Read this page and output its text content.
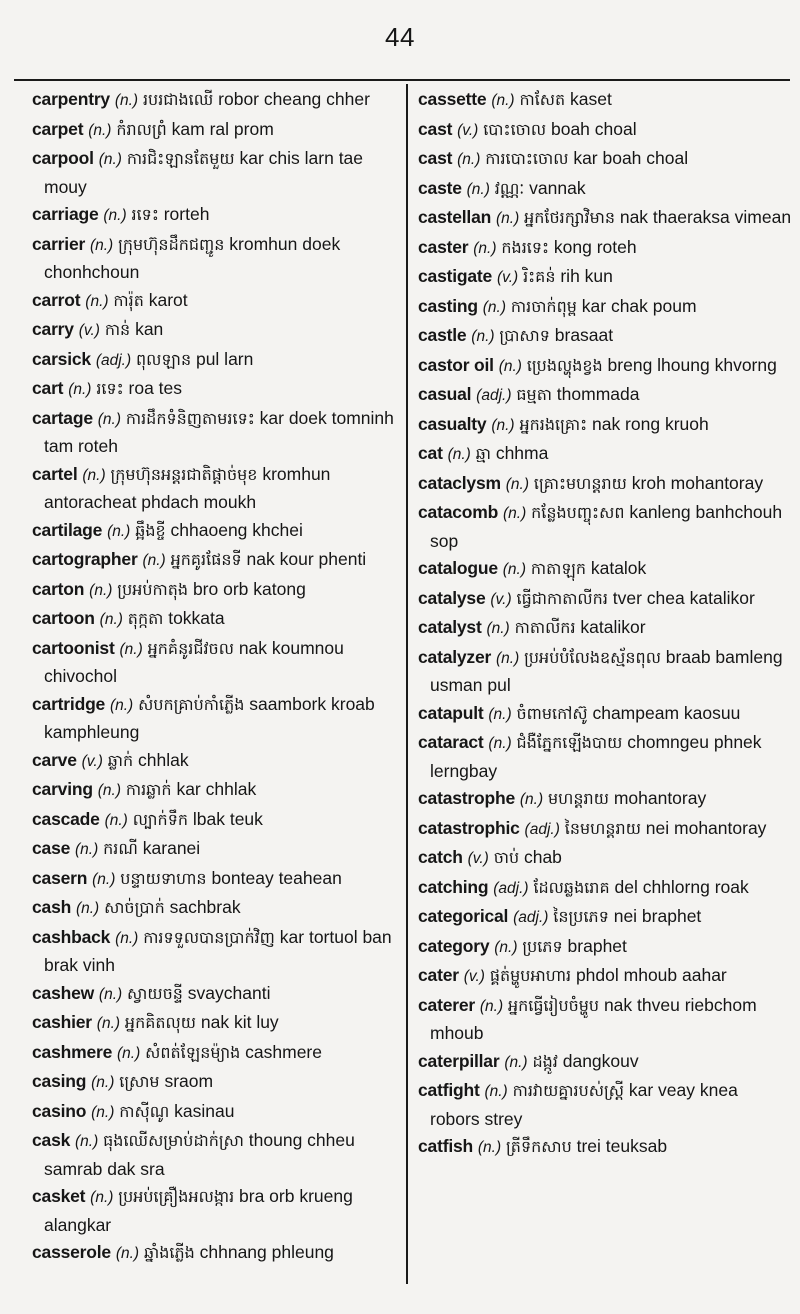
44
carpentry (n.) របរជាងឈើ robor cheang chher
carpet (n.) កំរាលព្រំ kam ral prom
carpool (n.) ការជិះឡានតែមួយ kar chis larn tae mouy
carriage (n.) រទេះ rorteh
carrier (n.) ក្រុមហ៊ុនដឹកជញ្ជូន kromhun doek chonhchoun
carrot (n.) ការ៉ុត karot
carry (v.) កាន់ kan
carsick (adj.) ពុលឡាន pul larn
cart (n.) រទេះ roa tes
cartage (n.) ការដឹកទំនិញតាមរទេះ kar doek tomninh tam roteh
cartel (n.) ក្រុមហ៊ុនអន្តរជាតិផ្តាច់មុខ kromhun antoracheat phdach moukh
cartilage (n.) ឆ្អឹងខ្ចី chhaoeng khchei
cartographer (n.) អ្នកគូរផែនទី nak kour phenti
carton (n.) ប្រអប់កាតុង bro orb katong
cartoon (n.) តុក្កតា tokkata
cartoonist (n.) អ្នកគំនូរជីវចល nak koumnou chivochol
cartridge (n.) សំបកគ្រាប់កាំភ្លើង saambork kroab kamphleung
carve (v.) ឆ្លាក់ chhlak
carving (n.) ការឆ្លាក់ kar chhlak
cascade (n.) ល្បាក់ទឹក lbak teuk
case (n.) ករណី karanei
casern (n.) បន្ទាយទាហាន bonteay teahean
cash (n.) សាច់ប្រាក់ sachbrak
cashback (n.) ការទទួលបានប្រាក់វិញ kar tortuol ban brak vinh
cashew (n.) ស្វាយចន្ទី svaychanti
cashier (n.) អ្នកគិតលុយ nak kit luy
cashmere (n.) សំពត់ឡែនម៉្យាង cashmere
casing (n.) ស្រោម sraom
casino (n.) កាស៊ីណូ kasinau
cask (n.) ធុងឈើសម្រាប់ដាក់ស្រា thoung chheu samrab dak sra
casket (n.) ប្រអប់គ្រឿងអលង្ការ bra orb krueng alangkar
casserole (n.) ឆ្នាំងភ្លើង chhnang phleung
cassette (n.) កាសែត kaset
cast (v.) បោះចោល boah choal
cast (n.) ការបោះចោល kar boah choal
caste (n.) វណ្ណៈ vannak
castellan (n.) អ្នកថែរក្សាវិមាន nak thaeraksa vimean
caster (n.) កងរទេះ kong roteh
castigate (v.) រិះគន់ rih kun
casting (n.) ការចាក់ពុម្ព kar chak poum
castle (n.) ប្រាសាទ brasaat
castor oil (n.) ប្រេងល្ហុងខ្វង breng lhoung khvorng
casual (adj.) ធម្មតា thommada
casualty (n.) អ្នករងគ្រោះ nak rong kruoh
cat (n.) ឆ្មា chhma
cataclysm (n.) គ្រោះមហន្តរាយ kroh mohantoray
catacomb (n.) កន្លែងបញ្ចុះសព kanleng banhchouh sop
catalogue (n.) កាតាឡុក katalok
catalyse (v.) ធ្វើជាកាតាលីករ tver chea katalikor
catalyst (n.) កាតាលីករ katalikor
catalyzer (n.) ប្រអប់បំលែងឧស្ម័នពុល braab bamleng usman pul
catapult (n.) ចំពាមកៅស៊ូ champeam kaosuu
cataract (n.) ជំងឺភ្នែកឡើងបាយ chomngeu phnek lerngbay
catastrophe (n.) មហន្តរាយ mohantoray
catastrophic (adj.) នៃមហន្តរាយ nei mohantoray
catch (v.) ចាប់ chab
catching (adj.) ដែលឆ្លងរោគ del chhlorng roak
categorical (adj.) នៃប្រភេទ nei braphet
category (n.) ប្រភេទ braphet
cater (v.) ផ្គត់ម្ហូបអាហារ phdol mhoub aahar
caterer (n.) អ្នកធ្វើរៀបចំម្ហូប nak thveu riebchom mhoub
caterpillar (n.) ដង្កូវ dangkouv
catfight (n.) ការវាយគ្នារបស់ស្ត្រី kar veay knea robors strey
catfish (n.) ត្រីទឹកសាប trei teuksab
